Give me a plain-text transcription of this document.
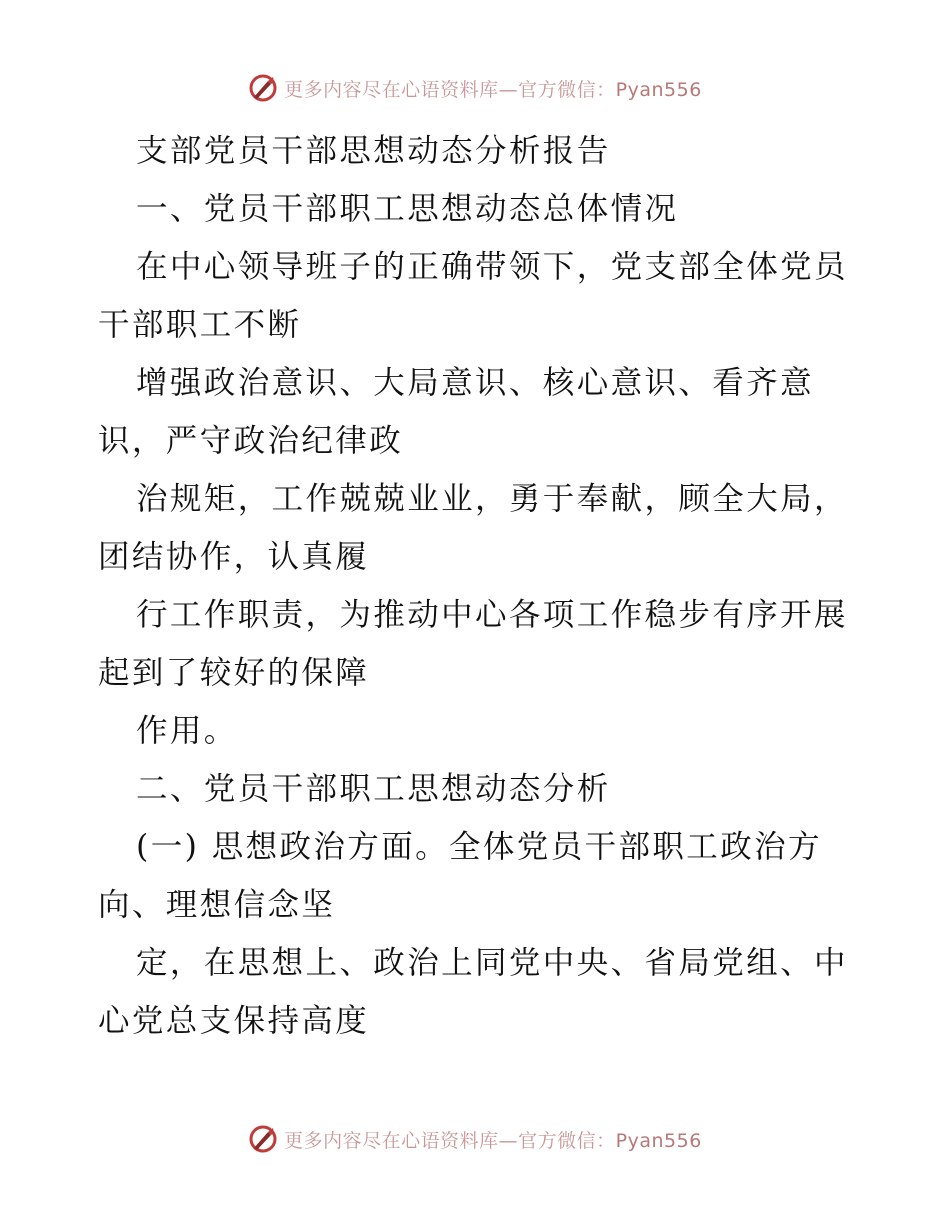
更多内容尽在心语资料库—官方微信：Pyan556

支部党员干部思想动态分析报告

一、党员干部职工思想动态总体情况

在中心领导班子的正确带领下，党支部全体党员

干部职工不断

增强政治意识、大局意识、核心意识、看齐意

识，严守政治纪律政

治规矩，工作兢兢业业，勇于奉献，顾全大局，

团结协作，认真履

行工作职责，为推动中心各项工作稳步有序开展

起到了较好的保障

作用。

二、党员干部职工思想动态分析

(一) 思想政治方面。全体党员干部职工政治方

向、理想信念坚

定，在思想上、政治上同党中央、省局党组、中

心党总支保持高度

更多内容尽在心语资料库—官方微信：Pyan556
